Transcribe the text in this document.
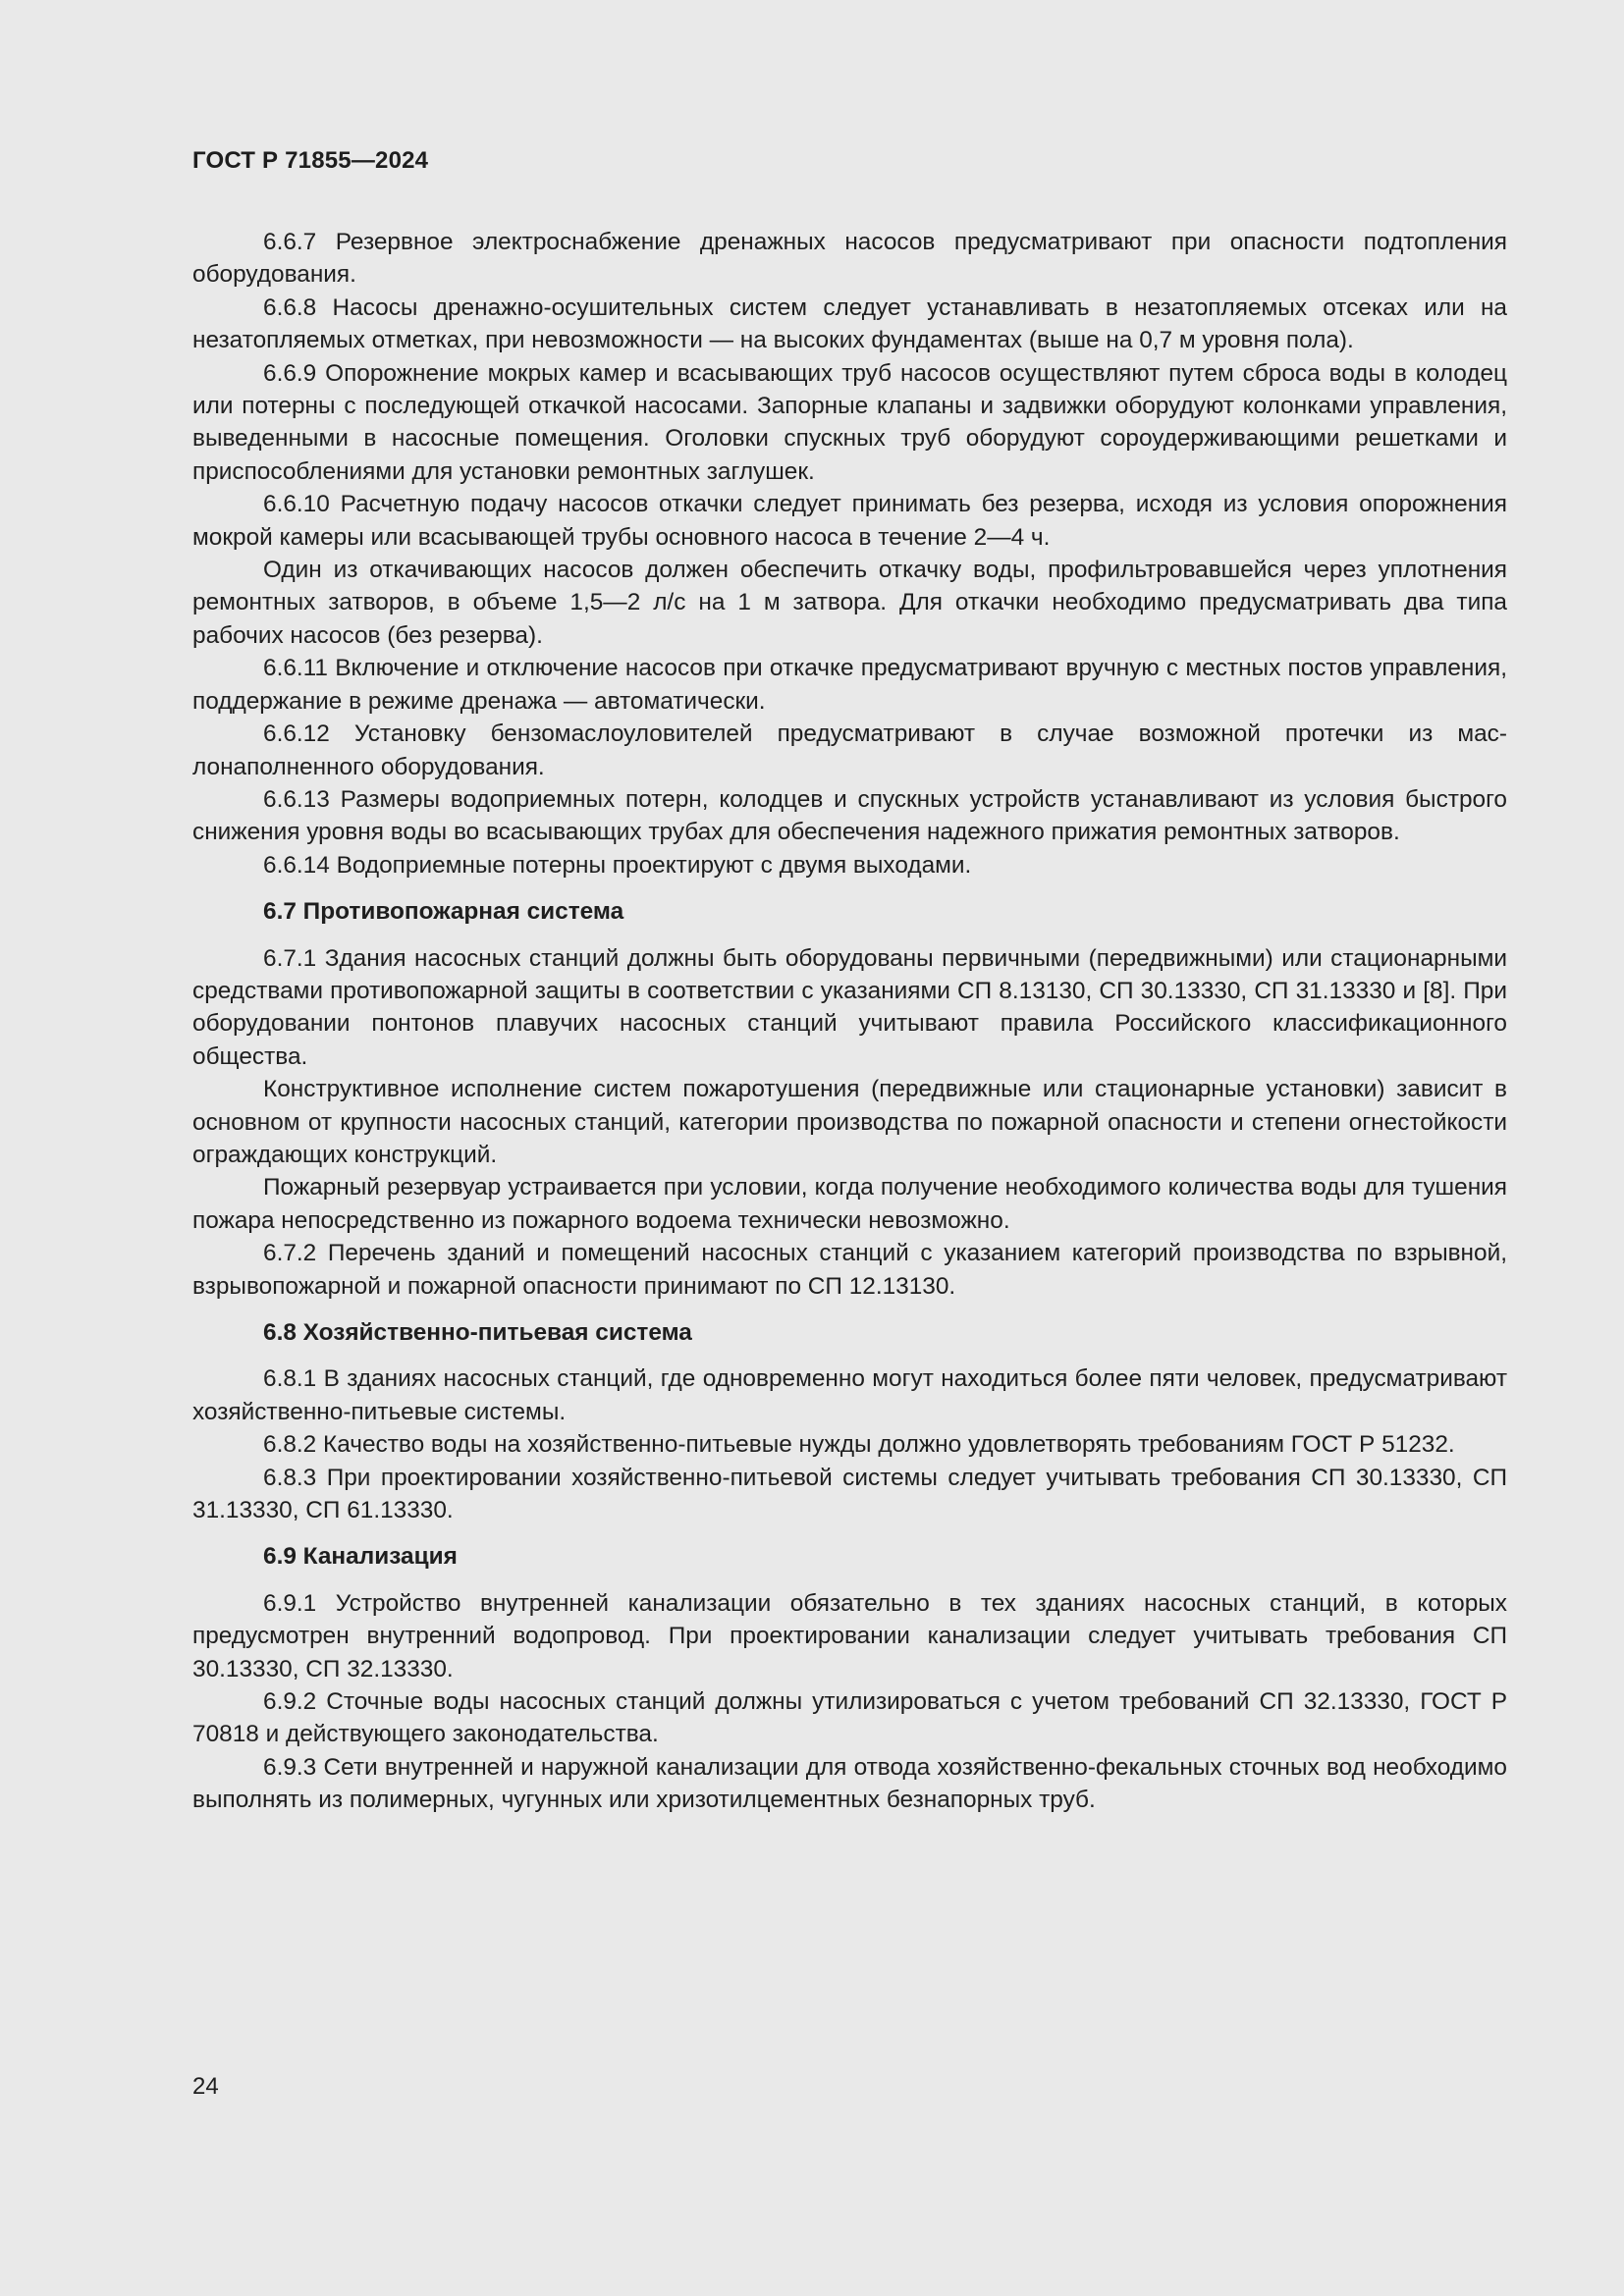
ГОСТ Р 71855—2024

6.6.7 Резервное электроснабжение дренажных насосов предусматривают при опасности подтопления оборудования.

6.6.8 Насосы дренажно-осушительных систем следует устанавливать в незатопляемых отсеках или на незатопляемых отметках, при невозможности — на высоких фундаментах (выше на 0,7 м уровня пола).

6.6.9 Опорожнение мокрых камер и всасывающих труб насосов осуществляют путем сброса воды в колодец или потерны с последующей откачкой насосами. Запорные клапаны и задвижки оборудуют колонками управления, выведенными в насосные помещения. Оголовки спускных труб оборудуют сороудерживающими решетками и приспособлениями для установки ремонтных заглушек.

6.6.10 Расчетную подачу насосов откачки следует принимать без резерва, исходя из условия опорожнения мокрой камеры или всасывающей трубы основного насоса в течение 2—4 ч.

Один из откачивающих насосов должен обеспечить откачку воды, профильтровавшейся через уплотнения ремонтных затворов, в объеме 1,5—2 л/с на 1 м затвора. Для откачки необходимо предусматривать два типа рабочих насосов (без резерва).

6.6.11 Включение и отключение насосов при откачке предусматривают вручную с местных постов управления, поддержание в режиме дренажа — автоматически.

6.6.12 Установку бензомаслоуловителей предусматривают в случае возможной протечки из маслонаполненного оборудования.

6.6.13 Размеры водоприемных потерн, колодцев и спускных устройств устанавливают из условия быстрого снижения уровня воды во всасывающих трубах для обеспечения надежного прижатия ремонтных затворов.

6.6.14 Водоприемные потерны проектируют с двумя выходами.

6.7 Противопожарная система

6.7.1 Здания насосных станций должны быть оборудованы первичными (передвижными) или стационарными средствами противопожарной защиты в соответствии с указаниями СП 8.13130, СП 30.13330, СП 31.13330 и [8]. При оборудовании понтонов плавучих насосных станций учитывают правила Российского классификационного общества.

Конструктивное исполнение систем пожаротушения (передвижные или стационарные установки) зависит в основном от крупности насосных станций, категории производства по пожарной опасности и степени огнестойкости ограждающих конструкций.

Пожарный резервуар устраивается при условии, когда получение необходимого количества воды для тушения пожара непосредственно из пожарного водоема технически невозможно.

6.7.2 Перечень зданий и помещений насосных станций с указанием категорий производства по взрывной, взрывопожарной и пожарной опасности принимают по СП 12.13130.

6.8 Хозяйственно-питьевая система

6.8.1 В зданиях насосных станций, где одновременно могут находиться более пяти человек, предусматривают хозяйственно-питьевые системы.

6.8.2 Качество воды на хозяйственно-питьевые нужды должно удовлетворять требованиям ГОСТ Р 51232.

6.8.3 При проектировании хозяйственно-питьевой системы следует учитывать требования СП 30.13330, СП 31.13330, СП 61.13330.

6.9 Канализация

6.9.1 Устройство внутренней канализации обязательно в тех зданиях насосных станций, в которых предусмотрен внутренний водопровод. При проектировании канализации следует учитывать требования СП 30.13330, СП 32.13330.

6.9.2 Сточные воды насосных станций должны утилизироваться с учетом требований СП 32.13330, ГОСТ Р 70818 и действующего законодательства.

6.9.3 Сети внутренней и наружной канализации для отвода хозяйственно-фекальных сточных вод необходимо выполнять из полимерных, чугунных или хризотилцементных безнапорных труб.

24
